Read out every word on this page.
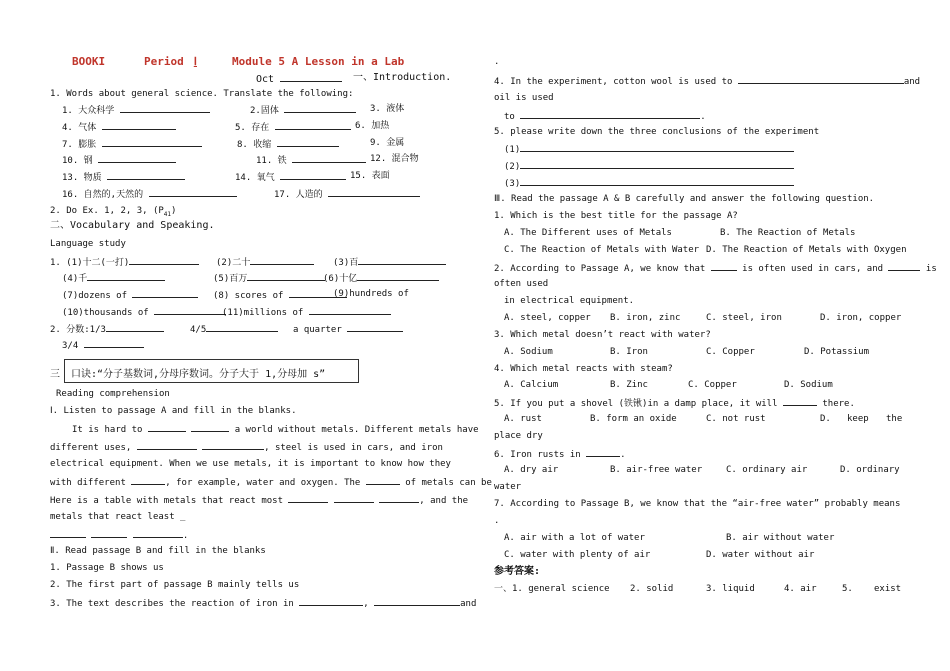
BOOKI	Period Ⅰ	Module 5 A Lesson in a Lab
Oct	一、Introduction.
1. Words about general science. Translate the following:
1. 大众科学	2.固体	3. 液体
4. 气体	5. 存在	6. 加热
7. 膨胀	8. 收缩	9. 金属
10. 钢	11. 铁	12. 混合物
13. 物质	14. 氧气	15. 表面
16. 自然的,天然的	17. 人造的
2. Do Ex. 1, 2, 3, $(P_{41})$
二、Vocabulary and Speaking.
Language study
1. (1)十二(一打)	(2)二十	(3)百
(4)千	(5)百万	(6)十亿
(7)dozens of	(8) scores of	(9)hundreds of
(10)thousands of	(11)millions of
2. 分数:1/3	4/5	a quarter
3/4
三
Reading comprehension
Ⅰ. Listen to passage A and fill in the blanks.
It is hard to	a world without metals. Different metals have
different uses,	, steel is used in cars, and iron
electrical equipment. When we use metals, it is important to know how they
with different	, for example, water and oxygen. The	of metals can be
Here is a table with metals that react most	, and the
metals that react least _
.
Ⅱ. Read passage B and fill in the blanks
1. Passage B shows us
2. The first part of passage B mainly tells us
3. The text describes the reaction of iron in	,	and
口诀:“分子基数词,分母序数词。分子大于 1,分母加 s”
.
4. In the experiment, cotton wool is used to	and
oil is used
to	.
5. please write down the three conclusions of the experiment
(1)
(2)
(3)
Ⅲ. Read the passage A & B carefully and answer the following question.
1. Which is the best title for the passage A?
A. The Different uses of Metals	B. The Reaction of Metals
C. The Reaction of Metals with Water D. The Reaction of Metals with Oxygen
2. According to Passage A, we know that	is often used in cars, and	is
often used
in electrical equipment.
A. steel, copper B. iron, zinc	C. steel, iron	D. iron, copper
3. Which metal doesn’t react with water?
A. Sodium	B. Iron	C. Copper	D. Potassium
4. Which metal reacts with steam?
A. Calcium	B. Zinc	C. Copper	D. Sodium
5. If you put a shovel (铁锹)in a damp place, it will	there.
A. rust	B. form an oxide	C. not rust	D. keep the
place dry
6. Iron rusts in	.
A. dry air	B. air-free water	C. ordinary air	D. ordinary
water
7. According to Passage B, we know that the “air-free water” probably means
.
A. air with a lot of water	B. air without water
C. water with plenty of air	D. water without air
参考答案:
一、1. general science 2. solid	3. liquid	4. air	5. exist
